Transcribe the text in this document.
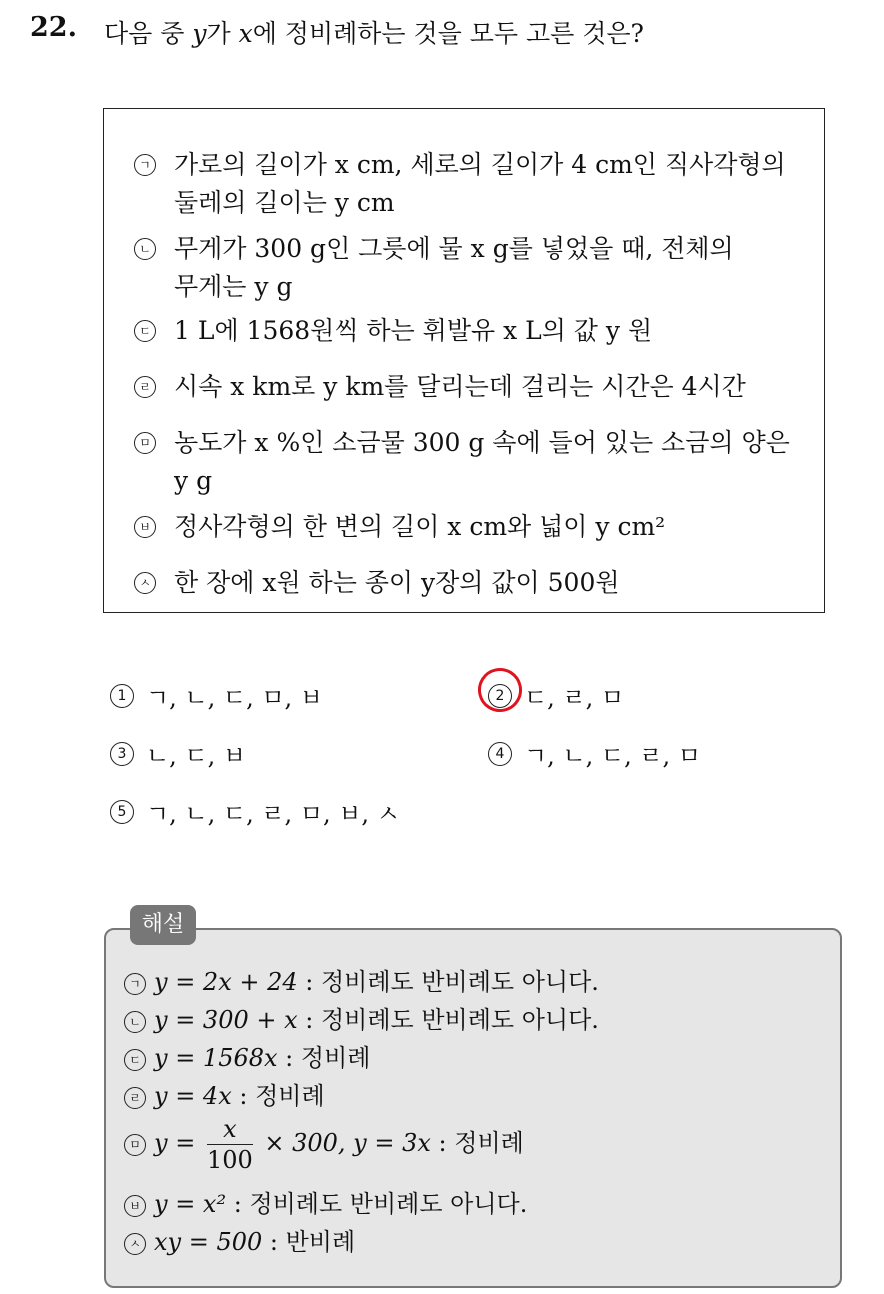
22. 다음 중 y가 x에 정비례하는 것을 모두 고른 것은?
ㄱ 가로의 길이가 x cm, 세로의 길이가 4 cm인 직사각형의
둘레의 길이는 y cm
ㄴ 무게가 300 g인 그릇에 물 x g를 넣었을 때, 전체의
무게는 y g
ㄷ 1 L에 1568원씩 하는 휘발유 x L의 값 y 원
ㄹ 시속 x km로 y km를 달리는데 걸리는 시간은 4시간
ㅁ 농도가 x %인 소금물 300 g 속에 들어 있는 소금의 양은
y g
ㅂ 정사각형의 한 변의 길이 x cm와 넓이 y cm²
ㅅ 한 장에 x원 하는 종이 y장의 값이 500원
1 ㄱ, ㄴ, ㄷ, ㅁ, ㅂ	2 ㄷ, ㄹ, ㅁ
3 ㄴ, ㄷ, ㅂ	4 ㄱ, ㄴ, ㄷ, ㄹ, ㅁ
5 ㄱ, ㄴ, ㄷ, ㄹ, ㅁ, ㅂ, ㅅ
해설
ㄱ y = 2x + 24 : 정비례도 반비례도 아니다.
ㄴ y = 300 + x : 정비례도 반비례도 아니다.
ㄷ y = 1568x : 정비례
ㄹ y = 4x : 정비례
ㅁ $y = \frac{x}{100} \times 300$, y = 3x : 정비례
ㅂ y = x² : 정비례도 반비례도 아니다.
ㅅ xy = 500 : 반비례
